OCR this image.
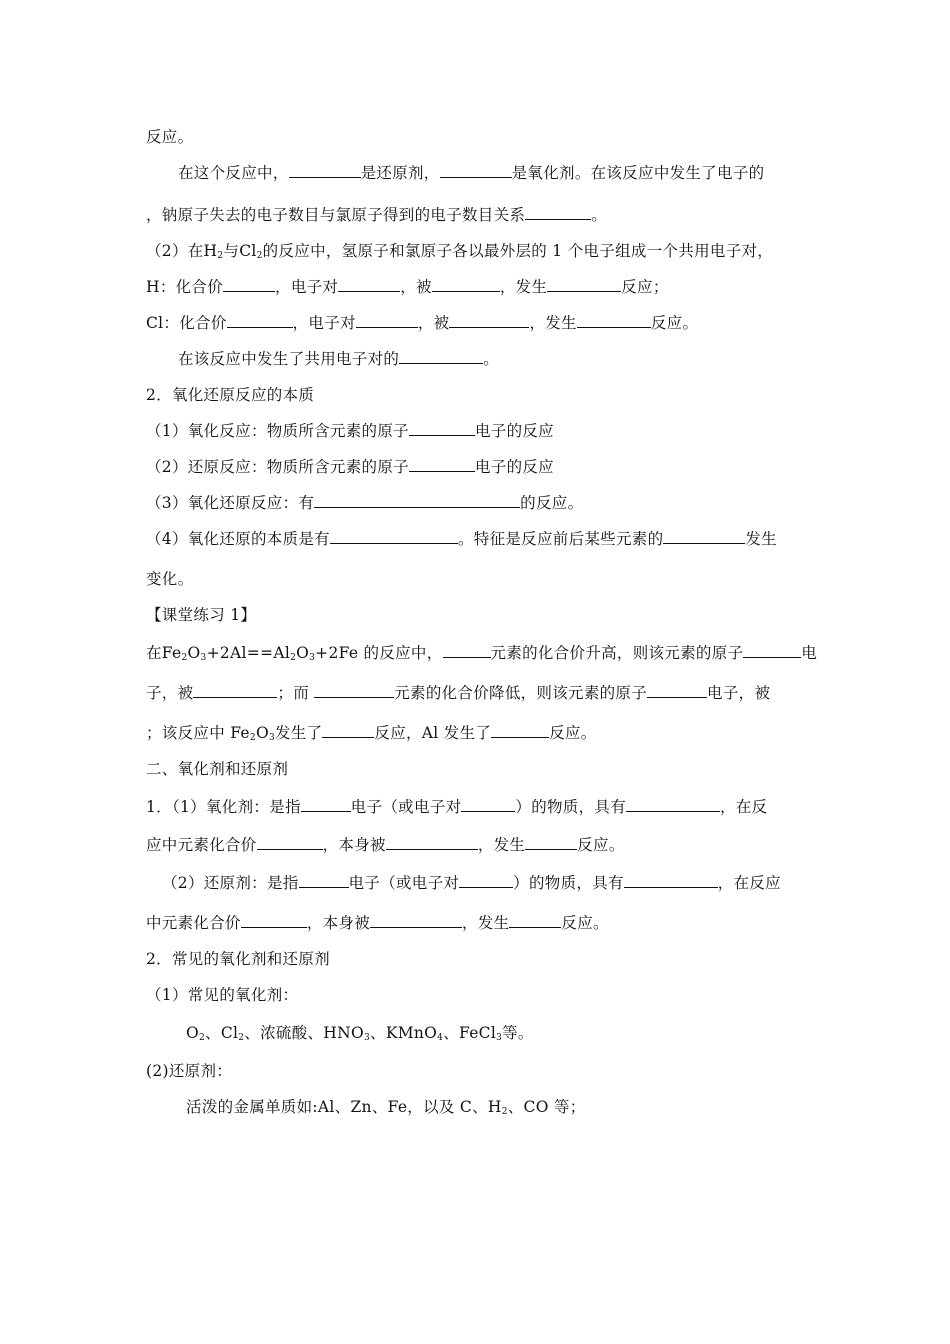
反应。
在这个反应中，	是还原剂，	是氧化剂。在该反应中发生了电子的
，钠原子失去的电子数目与氯原子得到的电子数目关系	。
（2）在$H_2$与$Cl_2$的反应中，氢原子和氯原子各以最外层的 1 个电子组成一个共用电子对，
H：化合价	，电子对	，被	，发生	反应；
Cl：化合价	，电子对	，被	，发生	反应。
在该反应中发生了共用电子对的	。
2．氧化还原反应的本质
（1）氧化反应：物质所含元素的原子	电子的反应
（2）还原反应：物质所含元素的原子	电子的反应
（3）氧化还原反应：有	的反应。
（4）氧化还原的本质是有	。特征是反应前后某些元素的	发生
变化。
【课堂练习 1】
在$Fe_2O_3+2Al==Al_2O_3+2Fe$ 的反应中，	元素的化合价升高，则该元素的原子	电
子，被	；而	元素的化合价降低，则该元素的原子	电子，被
；该反应中 $Fe_2O_3$发生了	反应，Al 发生了	反应。
二、氧化剂和还原剂
1．（1）氧化剂：是指	电子（或电子对	）的物质，具有	，在反
应中元素化合价	，本身被	，发生	反应。
（2）还原剂：是指	电子（或电子对	）的物质，具有	，在反应
中元素化合价	，本身被	，发生	反应。
2．常见的氧化剂和还原剂
（1）常见的氧化剂：
$O_2$、$Cl_2$、浓硫酸、$HNO_3$、KMnO$_4$、FeCl$_3$等。
(2)还原剂：
活泼的金属单质如:Al、Zn、Fe，以及 C、$H_2$、CO 等；
